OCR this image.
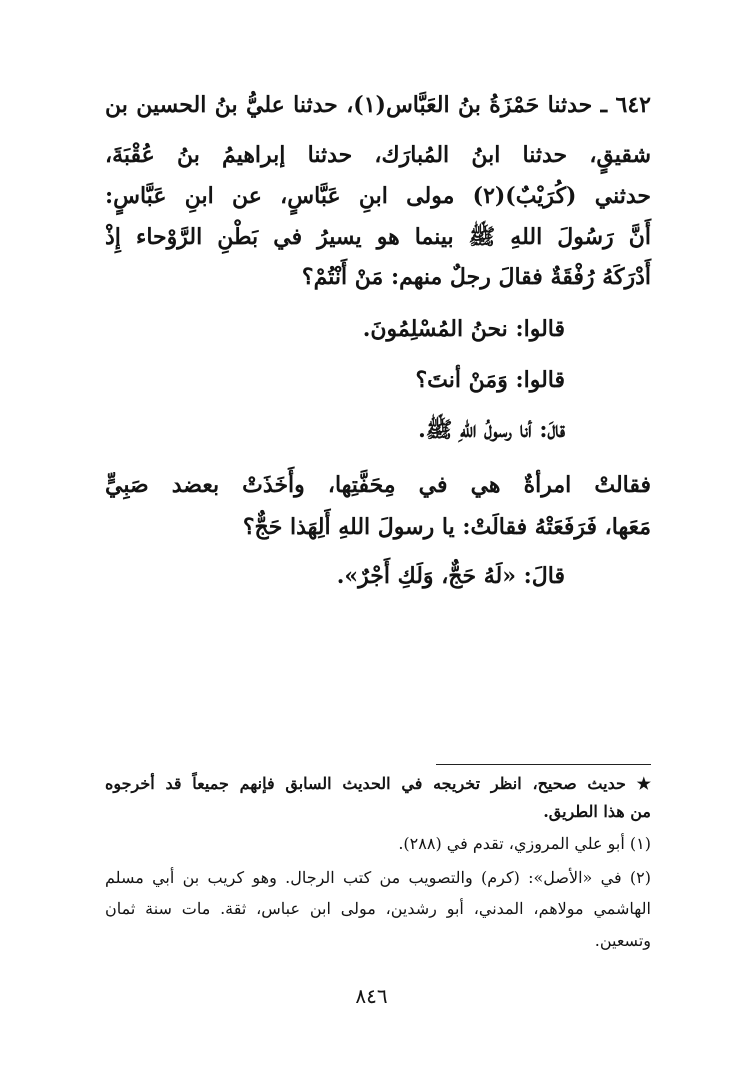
٦٤٢ ـ حدثنا حَمْزَةُ بنُ العَبَّاس(١)، حدثنا عليُّ بنُ الحسين بن
شقيقٍ، حدثنا ابنُ المُبارَك، حدثنا إبراهيمُ بنُ عُقْبَةَ،
حدثني (كُرَيْبٌ)(٢) مولى ابنِ عَبَّاسٍ، عن ابنِ عَبَّاسٍ:
أَنَّ رَسُولَ اللهِ ﷺ بينما هو يسيرُ في بَطْنِ الرَّوْحاء إِذْ
أَدْرَكَهُ رُفْقَةٌ فقالَ رجلٌ منهم: مَنْ أَنْتُمْ؟
قالوا: نحنُ المُسْلِمُونَ.
قالوا: وَمَنْ أنتَ؟
قالَ: أنا رسولُ اللهِ ﷺ.
فقالتْ امرأةٌ هي في مِحَفَّتِها، وأَخَذَتْ بعضد صَبِيٍّ
مَعَها، فَرَفَعَتْهُ فقالَتْ: يا رسولَ اللهِ أَلِهَذا حَجٌّ؟
قالَ: «لَهُ حَجٌّ، وَلَكِ أَجْرٌ».
★ حديث صحيح، انظر تخريجه في الحديث السابق فإنهم جميعاً قد أخرجوه
من هذا الطريق.
(١) أبو علي المروزي، تقدم في (٢٨٨).
(٢) في «الأصل»: (كرم) والتصويب من كتب الرجال. وهو كريب بن أبي مسلم
الهاشمي مولاهم، المدني، أبو رشدين، مولى ابن عباس، ثقة. مات سنة ثمان
وتسعين.
٨٤٦
